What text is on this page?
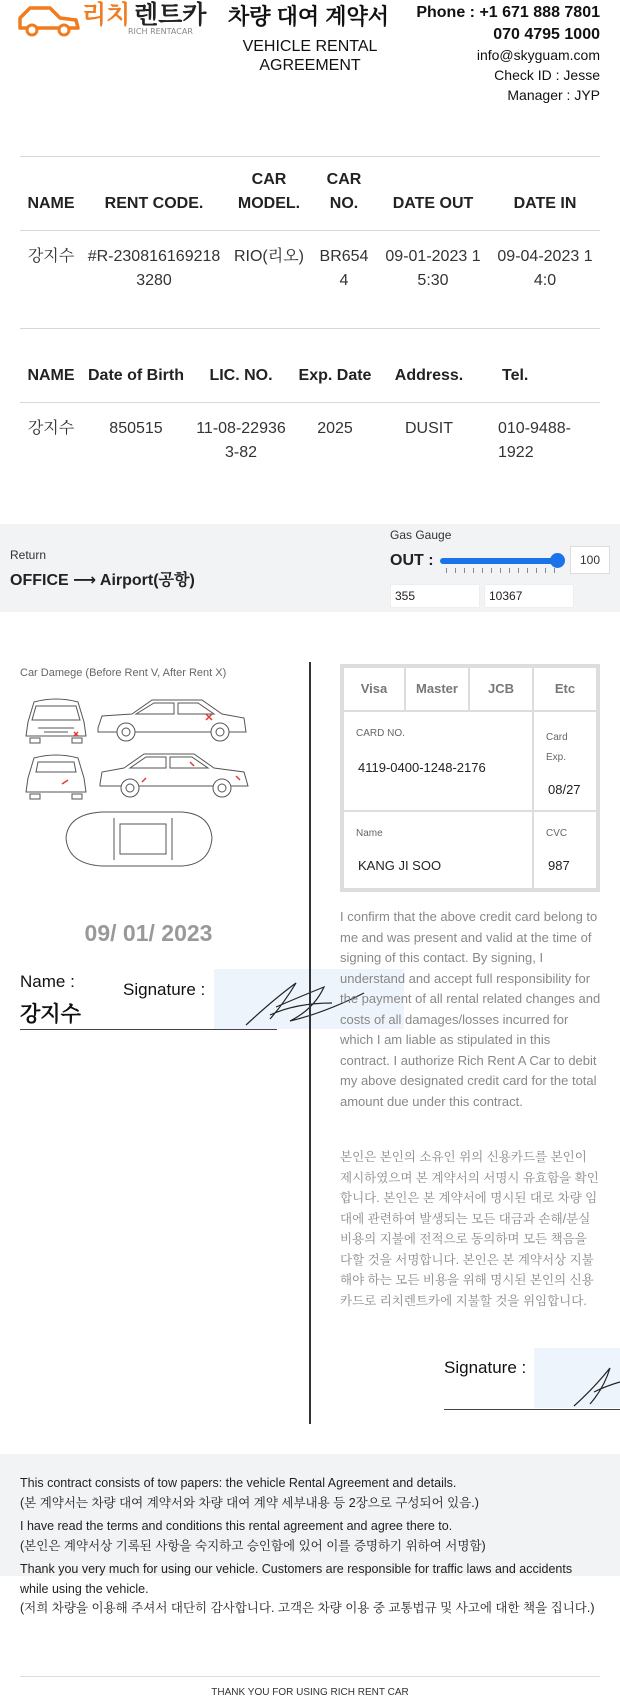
리치 렌트카
RICH RENTACAR
차량 대여 계약서
VEHICLE RENTAL AGREEMENT
Phone : +1 671 888 7801
070 4795 1000
info@skyguam.com
Check ID : Jesse
Manager : JYP
NAME	RENT CODE.	CAR MODEL.	CAR NO.	DATE OUT	DATE IN
강지수	#R-2308161692183280	RIO(리오)	BR6544	09-01-2023 15:30	09-04-2023 14:0
NAME	Date of Birth	LIC. NO.	Exp. Date	Address.	Tel.
강지수	850515	11-08-229363-82	2025	DUSIT	010-9488-1922
Return
OFFICE ⟶ Airport(공항)
Gas Gauge
OUT :	100
355	10367
Car Damege (Before Rent V, After Rent X)
09/ 01/ 2023
Name :
강지수
Signature :
Visa	Master	JCB	Etc
CARD NO.
4119-0400-1248-2176
Card Exp.
08/27
Name
KANG JI SOO
CVC
987
I confirm that the above credit card belong to me and was present and valid at the time of signing of this contact. By signing, I understand and accept full responsibility for the payment of all rental related changes and costs of all damages/losses incurred for which I am liable as stipulated in this contract. I authorize Rich Rent A Car to debit my above designated credit card for the total amount due under this contract.
본인은 본인의 소유인 위의 신용카드를 본인이 제시하였으며 본 계약서의 서명시 유효함을 확인합니다. 본인은 본 계약서에 명시된 대로 차량 임대에 관련하여 발생되는 모든 대금과 손해/분실비용의 지불에 전적으로 동의하며 모든 책음을 다할 것을 서명합니다. 본인은 본 계약서상 지불해야 하는 모든 비용을 위해 명시된 본인의 신용카드로 리치렌트카에 지불할 것을 위임합니다.
Signature :

This contract consists of tow papers: the vehicle Rental Agreement and details.
(본 계약서는 차량 대여 계약서와 차량 대여 계약 세부내용 등 2장으로 구성되어 있음.)

I have read the terms and conditions this rental agreement and agree there to.
(본인은 계약서상 기록된 사항을 숙지하고 승인함에 있어 이를 증명하기 위하여 서명함)

Thank you very much for using our vehicle. Customers are responsible for traffic laws and accidents while using the vehicle.
(저희 차량을 이용해 주셔서 대단히 감사합니다. 고객은 차량 이용 중 교통법규 및 사고에 대한 책을 집니다.)

THANK YOU FOR USING RICH RENT CAR
